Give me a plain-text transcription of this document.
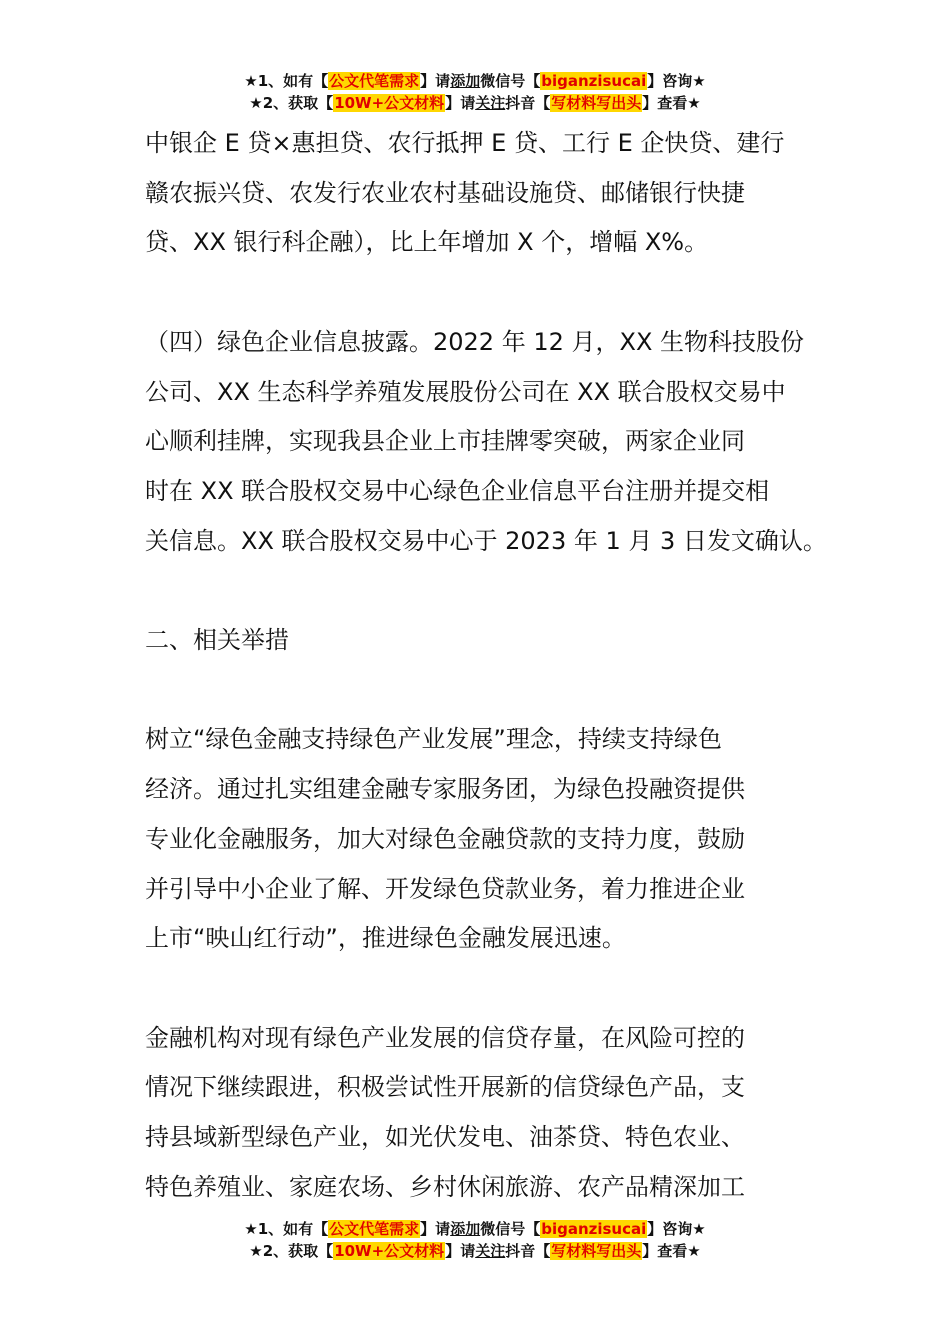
★1、如有【公文代笔需求】请添加微信号【biganzisucai】咨询★
★2、获取【10W+公文材料】请关注抖音【写材料写出头】查看★

中银企 E 贷×惠担贷、农行抵押 E 贷、工行 E 企快贷、建行

赣农振兴贷、农发行农业农村基础设施贷、邮储银行快捷

贷、XX 银行科企融），比上年增加 X 个，增幅 X%。

（四）绿色企业信息披露。2022 年 12 月，XX 生物科技股份

公司、XX 生态科学养殖发展股份公司在 XX 联合股权交易中

心顺利挂牌，实现我县企业上市挂牌零突破，两家企业同

时在 XX 联合股权交易中心绿色企业信息平台注册并提交相

关信息。XX 联合股权交易中心于 2023 年 1 月 3 日发文确认。

二、相关举措

树立“绿色金融支持绿色产业发展”理念，持续支持绿色

经济。通过扎实组建金融专家服务团，为绿色投融资提供

专业化金融服务，加大对绿色金融贷款的支持力度，鼓励

并引导中小企业了解、开发绿色贷款业务，着力推进企业

上市“映山红行动”，推进绿色金融发展迅速。

金融机构对现有绿色产业发展的信贷存量，在风险可控的

情况下继续跟进，积极尝试性开展新的信贷绿色产品，支

持县域新型绿色产业，如光伏发电、油茶贷、特色农业、

特色养殖业、家庭农场、乡村休闲旅游、农产品精深加工

★1、如有【公文代笔需求】请添加微信号【biganzisucai】咨询★
★2、获取【10W+公文材料】请关注抖音【写材料写出头】查看★
